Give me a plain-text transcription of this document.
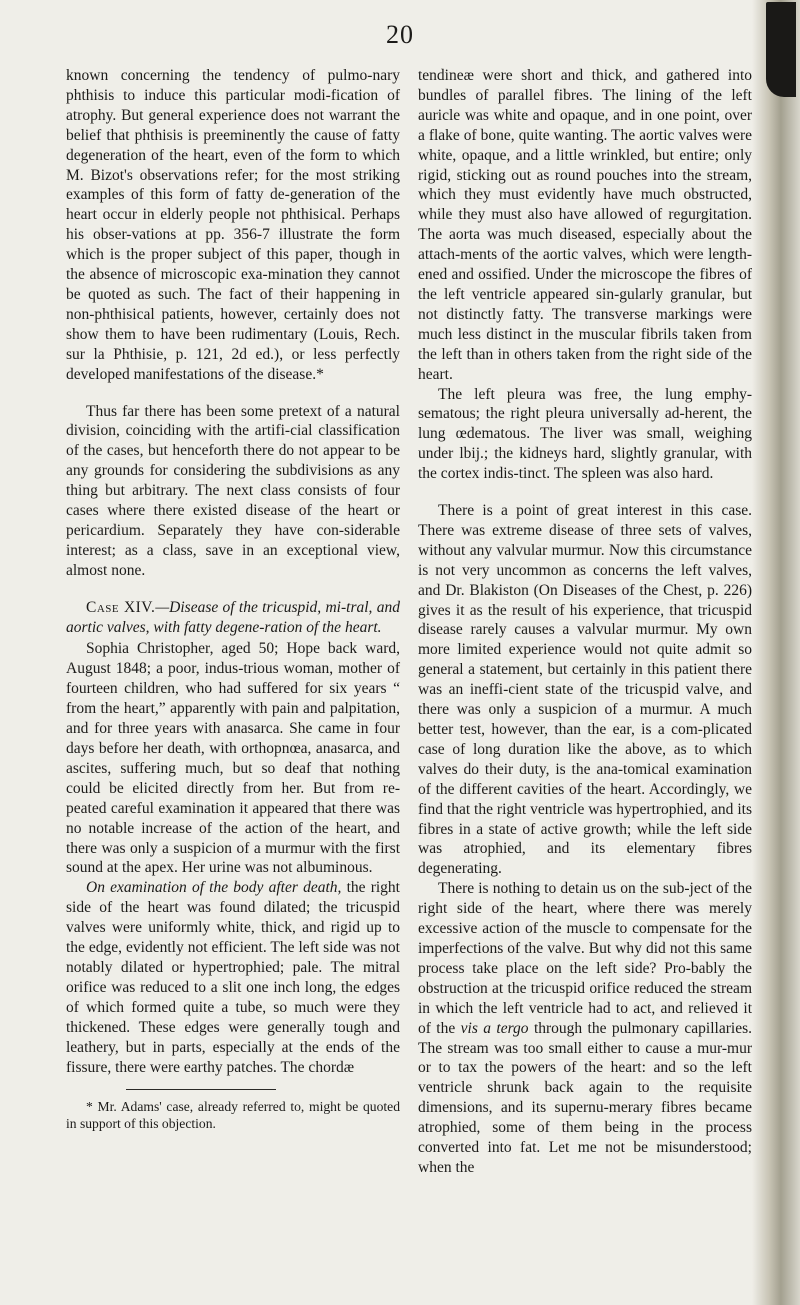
20

known concerning the tendency of pulmo-nary phthisis to induce this particular modi-fication of atrophy. But general experience does not warrant the belief that phthisis is preeminently the cause of fatty degeneration of the heart, even of the form to which M. Bizot's observations refer; for the most striking examples of this form of fatty de-generation of the heart occur in elderly people not phthisical. Perhaps his obser-vations at pp. 356-7 illustrate the form which is the proper subject of this paper, though in the absence of microscopic exa-mination they cannot be quoted as such. The fact of their happening in non-phthisical patients, however, certainly does not show them to have been rudimentary (Louis, Rech. sur la Phthisie, p. 121, 2d ed.), or less perfectly developed manifestations of the disease.*

Thus far there has been some pretext of a natural division, coinciding with the artifi-cial classification of the cases, but henceforth there do not appear to be any grounds for considering the subdivisions as any thing but arbitrary. The next class consists of four cases where there existed disease of the heart or pericardium. Separately they have con-siderable interest; as a class, save in an exceptional view, almost none.

Case XIV.—Disease of the tricuspid, mi-tral, and aortic valves, with fatty degene-ration of the heart.

Sophia Christopher, aged 50; Hope back ward, August 1848; a poor, indus-trious woman, mother of fourteen children, who had suffered for six years “ from the heart,” apparently with pain and palpitation, and for three years with anasarca. She came in four days before her death, with orthopnœa, anasarca, and ascites, suffering much, but so deaf that nothing could be elicited directly from her. But from re-peated careful examination it appeared that there was no notable increase of the action of the heart, and there was only a suspicion of a murmur with the first sound at the apex. Her urine was not albuminous.

On examination of the body after death, the right side of the heart was found dilated; the tricuspid valves were uniformly white, thick, and rigid up to the edge, evidently not efficient. The left side was not notably dilated or hypertrophied; pale. The mitral orifice was reduced to a slit one inch long, the edges of which formed quite a tube, so much were they thickened. These edges were generally tough and leathery, but in parts, especially at the ends of the fissure, there were earthy patches. The chordæ

* Mr. Adams' case, already referred to, might be quoted in support of this objection.

tendineæ were short and thick, and gathered into bundles of parallel fibres. The lining of the left auricle was white and opaque, and in one point, over a flake of bone, quite wanting. The aortic valves were white, opaque, and a little wrinkled, but entire; only rigid, sticking out as round pouches into the stream, which they must evidently have much obstructed, while they must also have allowed of regurgitation. The aorta was much diseased, especially about the attach-ments of the aortic valves, which were length-ened and ossified. Under the microscope the fibres of the left ventricle appeared sin-gularly granular, but not distinctly fatty. The transverse markings were much less distinct in the muscular fibrils taken from the left than in others taken from the right side of the heart.

The left pleura was free, the lung emphy-sematous; the right pleura universally ad-herent, the lung œdematous. The liver was small, weighing under lbij.; the kidneys hard, slightly granular, with the cortex indis-tinct. The spleen was also hard.

There is a point of great interest in this case. There was extreme disease of three sets of valves, without any valvular murmur. Now this circumstance is not very uncommon as concerns the left valves, and Dr. Blakiston (On Diseases of the Chest, p. 226) gives it as the result of his experience, that tricuspid disease rarely causes a valvular murmur. My own more limited experience would not quite admit so general a statement, but certainly in this patient there was an ineffi-cient state of the tricuspid valve, and there was only a suspicion of a murmur. A much better test, however, than the ear, is a com-plicated case of long duration like the above, as to which valves do their duty, is the ana-tomical examination of the different cavities of the heart. Accordingly, we find that the right ventricle was hypertrophied, and its fibres in a state of active growth; while the left side was atrophied, and its elementary fibres degenerating.

There is nothing to detain us on the sub-ject of the right side of the heart, where there was merely excessive action of the muscle to compensate for the imperfections of the valve. But why did not this same process take place on the left side? Pro-bably the obstruction at the tricuspid orifice reduced the stream in which the left ventricle had to act, and relieved it of the vis a tergo through the pulmonary capillaries. The stream was too small either to cause a mur-mur or to tax the powers of the heart: and so the left ventricle shrunk back again to the requisite dimensions, and its supernu-merary fibres became atrophied, some of them being in the process converted into fat. Let me not be misunderstood; when the
